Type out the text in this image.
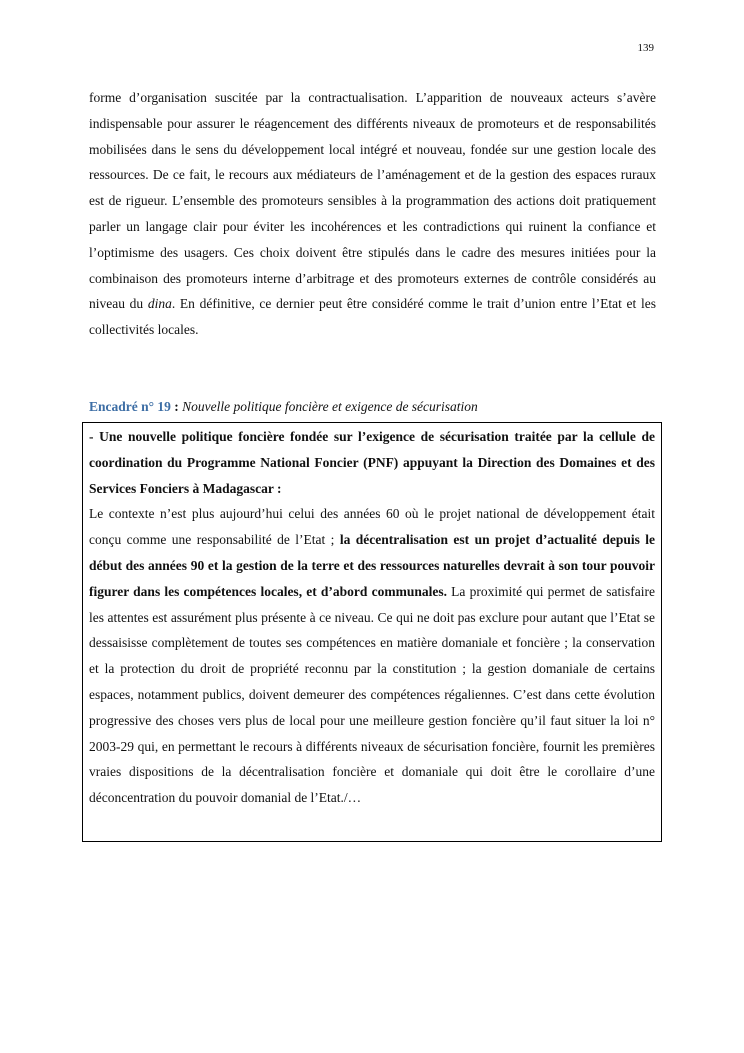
139

forme d’organisation suscitée par la contractualisation. L’apparition de nouveaux acteurs s’avère indispensable pour assurer le réagencement des différents niveaux de promoteurs et de responsabilités mobilisées dans le sens du développement local intégré et nouveau, fondée sur une gestion locale des ressources. De ce fait, le recours aux médiateurs de l’aménagement et de la gestion des espaces ruraux est de rigueur. L’ensemble des promoteurs sensibles à la programmation des actions doit pratiquement parler un langage clair pour éviter les incohérences et les contradictions qui ruinent la confiance et l’optimisme des usagers. Ces choix doivent être stipulés dans le cadre des mesures initiées pour la combinaison des promoteurs interne d’arbitrage et des promoteurs externes de contrôle considérés au niveau du dina. En définitive, ce dernier peut être considéré comme le trait d’union entre l’Etat et les collectivités locales.

Encadré n° 19 : Nouvelle politique foncière et exigence de sécurisation

- Une nouvelle politique foncière fondée sur l’exigence de sécurisation traitée par la cellule de coordination du Programme National Foncier (PNF) appuyant la Direction des Domaines et des Services Fonciers à Madagascar :

Le contexte n’est plus aujourd’hui celui des années 60 où le projet national de développement était conçu comme une responsabilité de l’Etat ; la décentralisation est un projet d’actualité depuis le début des années 90 et la gestion de la terre et des ressources naturelles devrait à son tour pouvoir figurer dans les compétences locales, et d’abord communales. La proximité qui permet de satisfaire les attentes est assurément plus présente à ce niveau. Ce qui ne doit pas exclure pour autant que l’Etat se dessaisisse complètement de toutes ses compétences en matière domaniale et foncière ; la conservation et la protection du droit de propriété reconnu par la constitution ; la gestion domaniale de certains espaces, notamment publics, doivent demeurer des compétences régaliennes. C’est dans cette évolution progressive des choses vers plus de local pour une meilleure gestion foncière qu’il faut situer la loi n° 2003-29 qui, en permettant le recours à différents niveaux de sécurisation foncière, fournit les premières vraies dispositions de la décentralisation foncière et domaniale qui doit être le corollaire d’une déconcentration du pouvoir domanial de l’Etat./…
